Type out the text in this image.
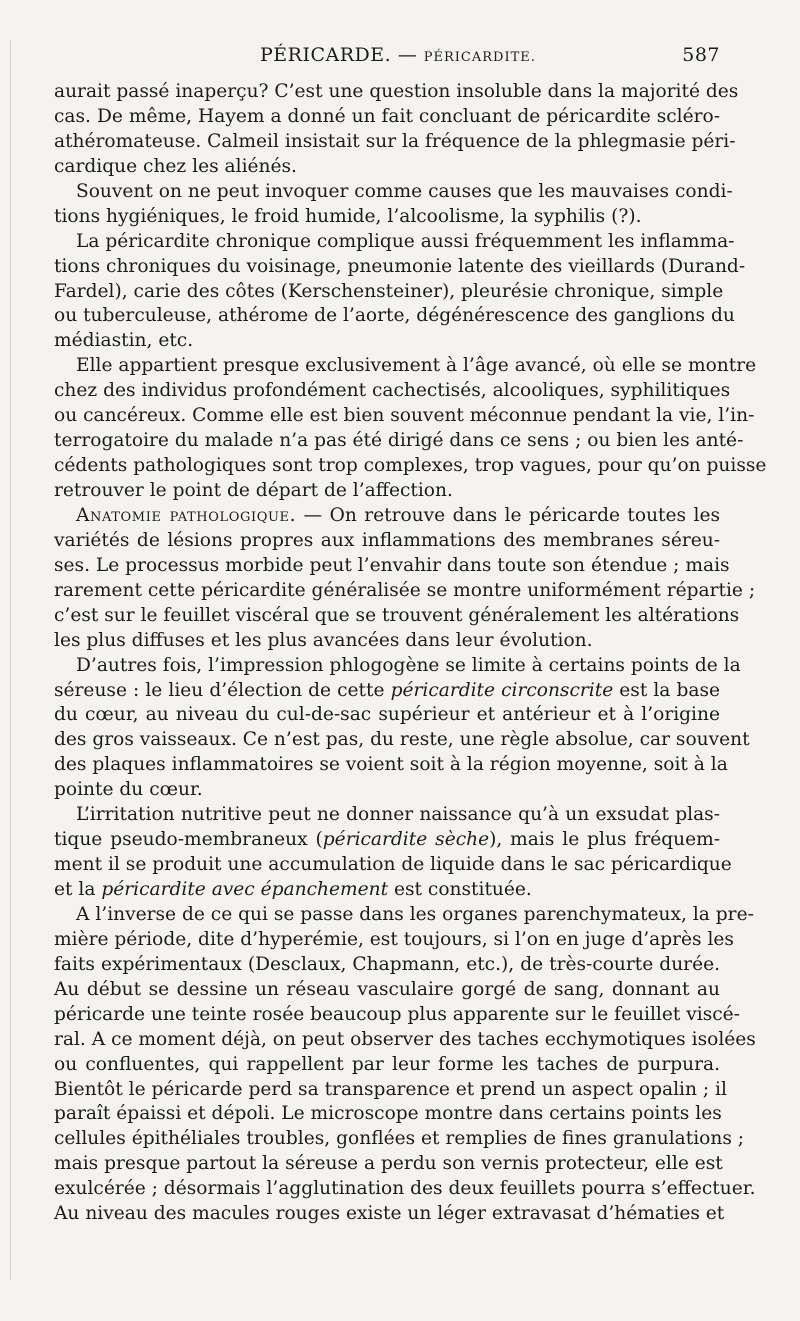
PÉRICARDE. — PÉRICARDITE.	587
aurait passé inaperçu? C’est une question insoluble dans la majorité des
cas. De même, Hayem a donné un fait concluant de péricardite scléro-
athéromateuse. Calmeil insistait sur la fréquence de la phlegmasie péri-
cardique chez les aliénés.
Souvent on ne peut invoquer comme causes que les mauvaises condi-
tions hygiéniques, le froid humide, l’alcoolisme, la syphilis (?).
La péricardite chronique complique aussi fréquemment les inflamma-
tions chroniques du voisinage, pneumonie latente des vieillards (Durand-
Fardel), carie des côtes (Kerschensteiner), pleurésie chronique, simple
ou tuberculeuse, athérome de l’aorte, dégénérescence des ganglions du
médiastin, etc.
Elle appartient presque exclusivement à l’âge avancé, où elle se montre
chez des individus profondément cachectisés, alcooliques, syphilitiques
ou cancéreux. Comme elle est bien souvent méconnue pendant la vie, l’in-
terrogatoire du malade n’a pas été dirigé dans ce sens ; ou bien les anté-
cédents pathologiques sont trop complexes, trop vagues, pour qu’on puisse
retrouver le point de départ de l’affection.
Anatomie pathologique. — On retrouve dans le péricarde toutes les
variétés de lésions propres aux inflammations des membranes séreu-
ses. Le processus morbide peut l’envahir dans toute son étendue ; mais
rarement cette péricardite généralisée se montre uniformément répartie ;
c’est sur le feuillet viscéral que se trouvent généralement les altérations
les plus diffuses et les plus avancées dans leur évolution.
D’autres fois, l’impression phlogogène se limite à certains points de la
séreuse : le lieu d’élection de cette péricardite circonscrite est la base
du cœur, au niveau du cul-de-sac supérieur et antérieur et à l’origine
des gros vaisseaux. Ce n’est pas, du reste, une règle absolue, car souvent
des plaques inflammatoires se voient soit à la région moyenne, soit à la
pointe du cœur.
L’irritation nutritive peut ne donner naissance qu’à un exsudat plas-
tique pseudo-membraneux (péricardite sèche), mais le plus fréquem-
ment il se produit une accumulation de liquide dans le sac péricardique
et la péricardite avec épanchement est constituée.
A l’inverse de ce qui se passe dans les organes parenchymateux, la pre-
mière période, dite d’hyperémie, est toujours, si l’on en juge d’après les
faits expérimentaux (Desclaux, Chapmann, etc.), de très-courte durée.
Au début se dessine un réseau vasculaire gorgé de sang, donnant au
péricarde une teinte rosée beaucoup plus apparente sur le feuillet viscé-
ral. A ce moment déjà, on peut observer des taches ecchymotiques isolées
ou confluentes, qui rappellent par leur forme les taches de purpura.
Bientôt le péricarde perd sa transparence et prend un aspect opalin ; il
paraît épaissi et dépoli. Le microscope montre dans certains points les
cellules épithéliales troubles, gonflées et remplies de fines granulations ;
mais presque partout la séreuse a perdu son vernis protecteur, elle est
exulcérée ; désormais l’agglutination des deux feuillets pourra s’effectuer.
Au niveau des macules rouges existe un léger extravasat d’hématies et
